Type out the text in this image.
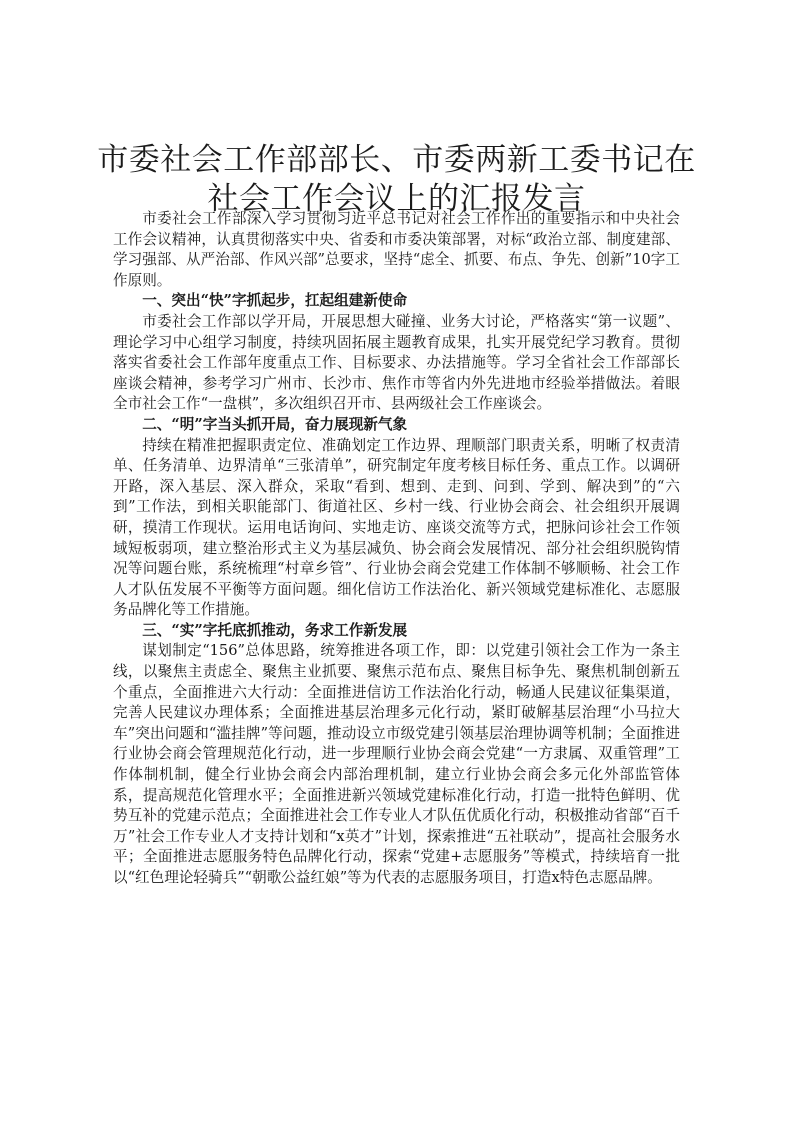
市委社会工作部部长、市委两新工委书记在社会工作会议上的汇报发言

市委社会工作部深入学习贯彻习近平总书记对社会工作作出的重要指示和中央社会工作会议精神，认真贯彻落实中央、省委和市委决策部署，对标“政治立部、制度建部、学习强部、从严治部、作风兴部”总要求，坚持“虑全、抓要、布点、争先、创新”10字工作原则。

一、突出“快”字抓起步，扛起组建新使命

市委社会工作部以学开局，开展思想大碰撞、业务大讨论，严格落实“第一议题”、理论学习中心组学习制度，持续巩固拓展主题教育成果，扎实开展党纪学习教育。贯彻落实省委社会工作部年度重点工作、目标要求、办法措施等。学习全省社会工作部部长座谈会精神，参考学习广州市、长沙市、焦作市等省内外先进地市经验举措做法。着眼全市社会工作“一盘棋”，多次组织召开市、县两级社会工作座谈会。

二、“明”字当头抓开局，奋力展现新气象

持续在精准把握职责定位、准确划定工作边界、理顺部门职责关系，明晰了权责清单、任务清单、边界清单“三张清单”，研究制定年度考核目标任务、重点工作。以调研开路，深入基层、深入群众，采取“看到、想到、走到、问到、学到、解决到”的“六到”工作法，到相关职能部门、街道社区、乡村一线、行业协会商会、社会组织开展调研，摸清工作现状。运用电话询问、实地走访、座谈交流等方式，把脉问诊社会工作领域短板弱项，建立整治形式主义为基层减负、协会商会发展情况、部分社会组织脱钩情况等问题台账，系统梳理“村章乡管”、行业协会商会党建工作体制不够顺畅、社会工作人才队伍发展不平衡等方面问题。细化信访工作法治化、新兴领域党建标准化、志愿服务品牌化等工作措施。

三、“实”字托底抓推动，务求工作新发展

谋划制定“156”总体思路，统筹推进各项工作，即：以党建引领社会工作为一条主线，以聚焦主责虑全、聚焦主业抓要、聚焦示范布点、聚焦目标争先、聚焦机制创新五个重点，全面推进六大行动：全面推进信访工作法治化行动，畅通人民建议征集渠道，完善人民建议办理体系；全面推进基层治理多元化行动，紧盯破解基层治理“小马拉大车”突出问题和“滥挂牌”等问题，推动设立市级党建引领基层治理协调等机制；全面推进行业协会商会管理规范化行动，进一步理顺行业协会商会党建“一方隶属、双重管理”工作体制机制，健全行业协会商会内部治理机制，建立行业协会商会多元化外部监管体系，提高规范化管理水平；全面推进新兴领域党建标准化行动，打造一批特色鲜明、优势互补的党建示范点；全面推进社会工作专业人才队伍优质化行动，积极推动省部“百千万”社会工作专业人才支持计划和“x英才”计划，探索推进“五社联动”，提高社会服务水平；全面推进志愿服务特色品牌化行动，探索“党建+志愿服务”等模式，持续培育一批以“红色理论轻骑兵”“朝歌公益红娘”等为代表的志愿服务项目，打造x特色志愿品牌。
